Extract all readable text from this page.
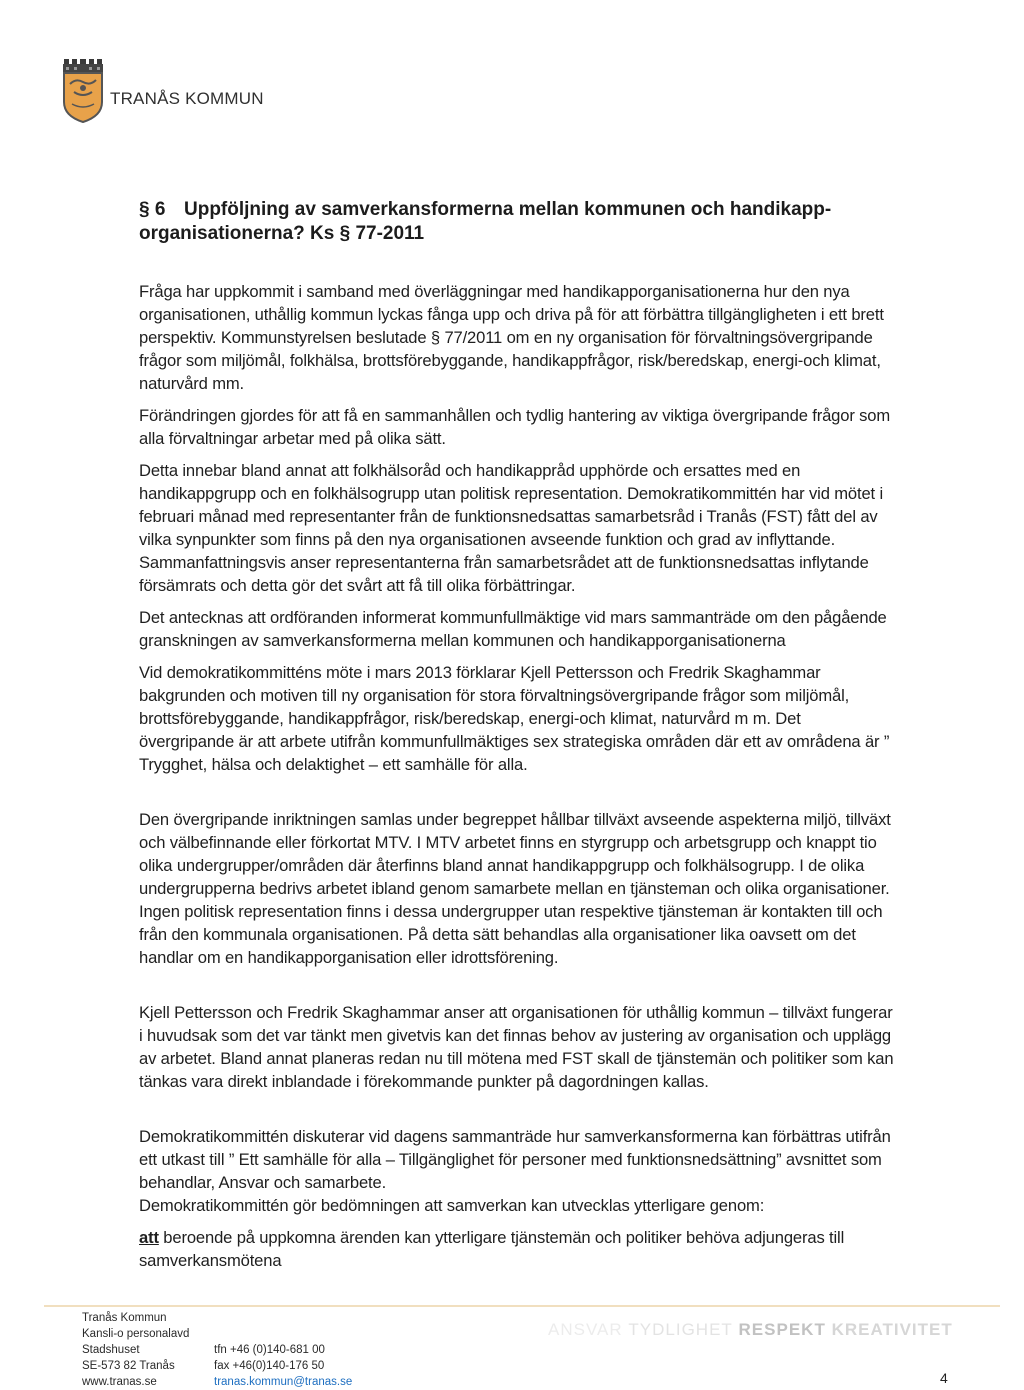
TRANÅS KOMMUN
§ 6 Uppföljning av samverkansformerna mellan kommunen och handikapp-organisationerna? Ks § 77-2011

Fråga har uppkommit i samband med överläggningar med handikapporganisationerna hur den nya organisationen, uthållig kommun lyckas fånga upp och driva på för att förbättra tillgängligheten i ett brett perspektiv. Kommunstyrelsen beslutade § 77/2011 om en ny organisation för förvaltningsövergripande frågor som miljömål, folkhälsa, brottsförebyggande, handikappfrågor, risk/beredskap, energi-och klimat, naturvård mm.

Förändringen gjordes för att få en sammanhållen och tydlig hantering av viktiga övergripande frågor som alla förvaltningar arbetar med på olika sätt.

Detta innebar bland annat att folkhälsoråd och handikappråd upphörde och ersattes med en handikappgrupp och en folkhälsogrupp utan politisk representation. Demokratikommittén har vid mötet i februari månad med representanter från de funktionsnedsattas samarbetsråd i Tranås (FST) fått del av vilka synpunkter som finns på den nya organisationen avseende funktion och grad av inflyttande. Sammanfattningsvis anser representanterna från samarbetsrådet att de funktionsnedsattas inflytande försämrats och detta gör det svårt att få till olika förbättringar.

Det antecknas att ordföranden informerat kommunfullmäktige vid mars sammanträde om den pågående granskningen av samverkansformerna mellan kommunen och handikapporganisationerna

Vid demokratikommitténs möte i mars 2013 förklarar Kjell Pettersson och Fredrik Skaghammar bakgrunden och motiven till ny organisation för stora förvaltningsövergripande frågor som miljömål, brottsförebyggande, handikappfrågor, risk/beredskap, energi-och klimat, naturvård m m. Det övergripande är att arbete utifrån kommunfullmäktiges sex strategiska områden där ett av områdena är ” Trygghet, hälsa och delaktighet – ett samhälle för alla.

Den övergripande inriktningen samlas under begreppet hållbar tillväxt avseende aspekterna miljö, tillväxt och välbefinnande eller förkortat MTV. I MTV arbetet finns en styrgrupp och arbetsgrupp och knappt tio olika undergrupper/områden där återfinns bland annat handikappgrupp och folkhälsogrupp. I de olika undergrupperna bedrivs arbetet ibland genom samarbete mellan en tjänsteman och olika organisationer. Ingen politisk representation finns i dessa undergrupper utan respektive tjänsteman är kontakten till och från den kommunala organisationen. På detta sätt behandlas alla organisationer lika oavsett om det handlar om en handikapporganisation eller idrottsförening.

Kjell Pettersson och Fredrik Skaghammar anser att organisationen för uthållig kommun – tillväxt fungerar i huvudsak som det var tänkt men givetvis kan det finnas behov av justering av organisation och upplägg av arbetet. Bland annat planeras redan nu till mötena med FST skall de tjänstemän och politiker som kan tänkas vara direkt inblandade i förekommande punkter på dagordningen kallas.

Demokratikommittén diskuterar vid dagens sammanträde hur samverkansformerna kan förbättras utifrån ett utkast till ” Ett samhälle för alla – Tillgänglighet för personer med funktionsnedsättning” avsnittet som behandlar, Ansvar och samarbete.

Demokratikommittén gör bedömningen att samverkan kan utvecklas ytterligare genom:

att beroende på uppkomna ärenden kan ytterligare tjänstemän och politiker behöva adjungeras till samverkansmötena

Tranås Kommun
Kansli-o personalavd
Stadshuset
SE-573 82 Tranås
www.tranas.se
tfn +46 (0)140-681 00
fax +46(0)140-176 50
tranas.kommun@tranas.se
ANSVAR TYDLIGHET RESPEKT KREATIVITET
4
